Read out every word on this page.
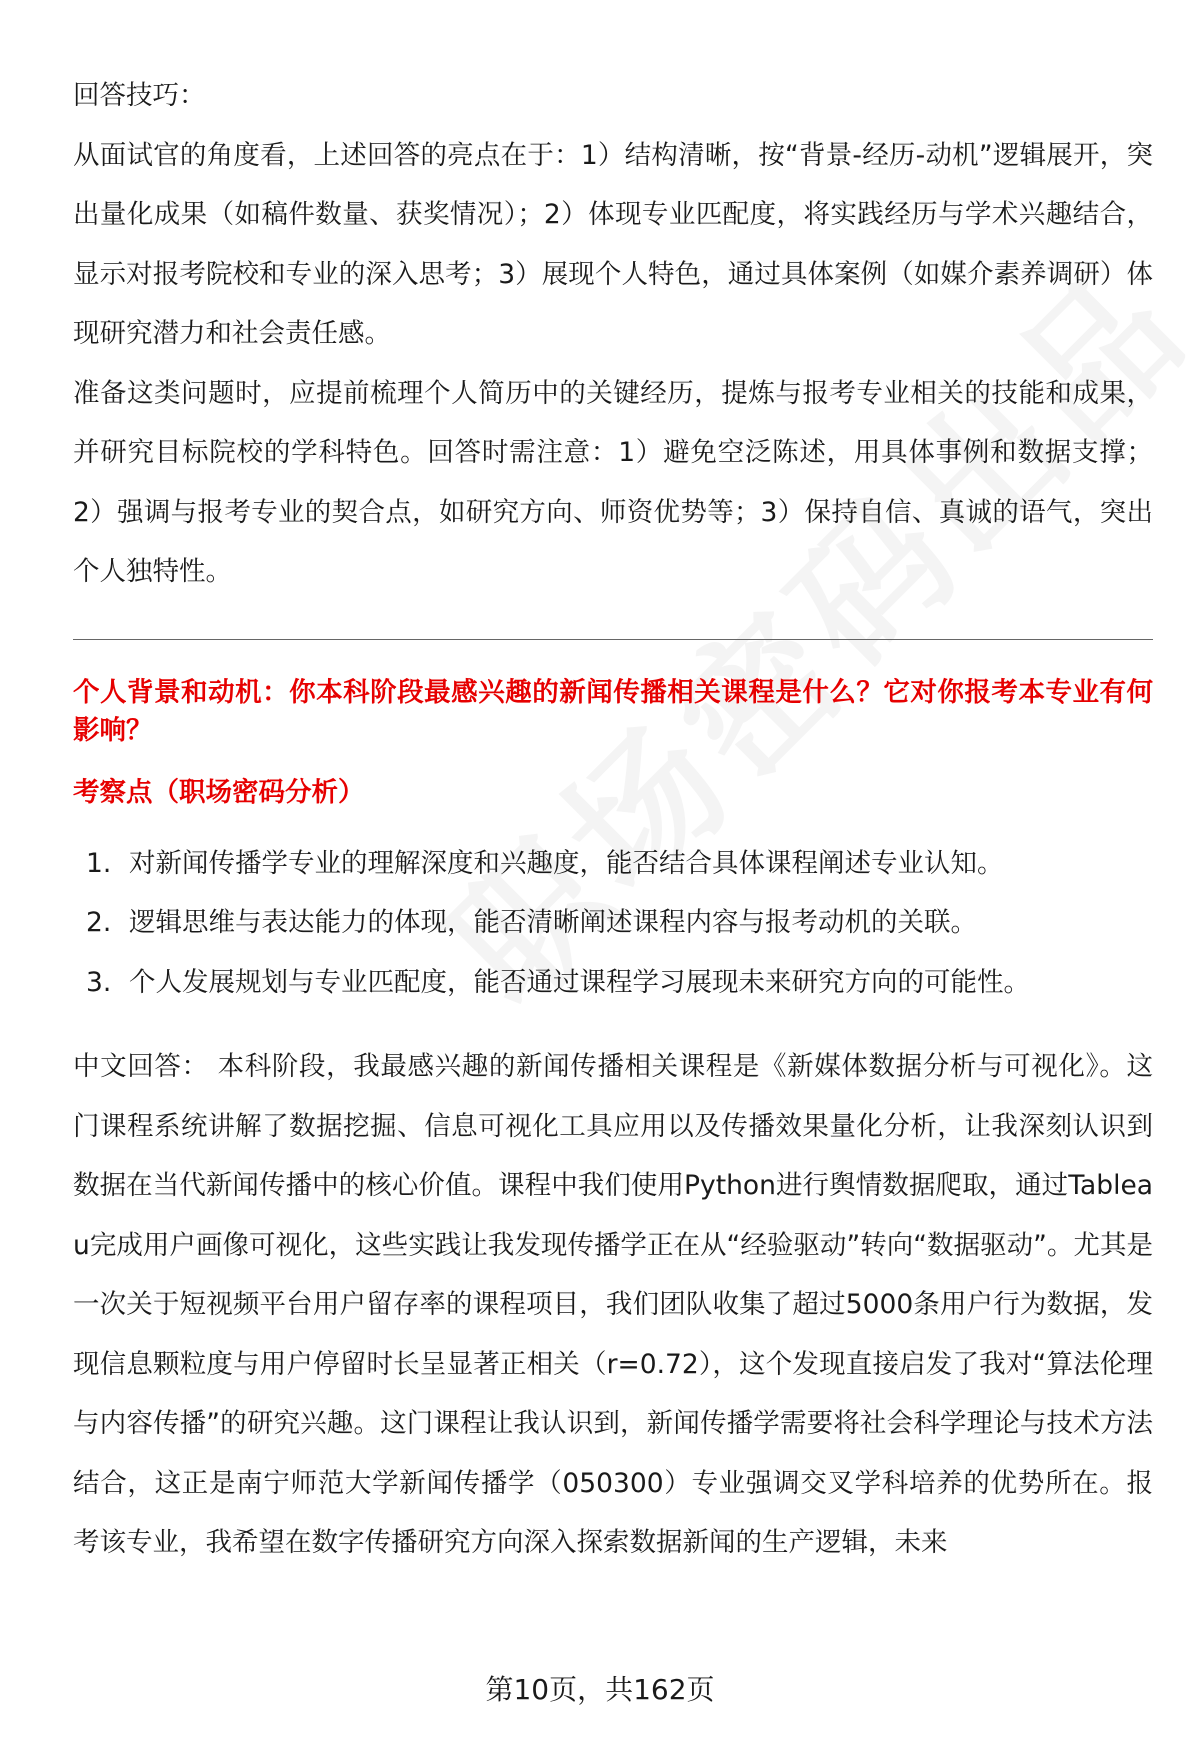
回答技巧：

从面试官的角度看，上述回答的亮点在于：1）结构清晰，按“背景-经历-动机”逻辑展开，突出量化成果（如稿件数量、获奖情况）；2）体现专业匹配度，将实践经历与学术兴趣结合，显示对报考院校和专业的深入思考；3）展现个人特色，通过具体案例（如媒介素养调研）体现研究潜力和社会责任感。

准备这类问题时，应提前梳理个人简历中的关键经历，提炼与报考专业相关的技能和成果，并研究目标院校的学科特色。回答时需注意：1）避免空泛陈述，用具体事例和数据支撑；2）强调与报考专业的契合点，如研究方向、师资优势等；3）保持自信、真诚的语气，突出个人独特性。

个人背景和动机：你本科阶段最感兴趣的新闻传播相关课程是什么？它对你报考本专业有何影响？

考察点（职场密码分析）

1. 对新闻传播学专业的理解深度和兴趣度，能否结合具体课程阐述专业认知。
2. 逻辑思维与表达能力的体现，能否清晰阐述课程内容与报考动机的关联。
3. 个人发展规划与专业匹配度，能否通过课程学习展现未来研究方向的可能性。

中文回答： 本科阶段，我最感兴趣的新闻传播相关课程是《新媒体数据分析与可视化》。这门课程系统讲解了数据挖掘、信息可视化工具应用以及传播效果量化分析，让我深刻认识到数据在当代新闻传播中的核心价值。课程中我们使用Python进行舆情数据爬取，通过Tableau完成用户画像可视化，这些实践让我发现传播学正在从“经验驱动”转向“数据驱动”。尤其是一次关于短视频平台用户留存率的课程项目，我们团队收集了超过5000条用户行为数据，发现信息颗粒度与用户停留时长呈显著正相关（r=0.72），这个发现直接启发了我对“算法伦理与内容传播”的研究兴趣。这门课程让我认识到，新闻传播学需要将社会科学理论与技术方法结合，这正是南宁师范大学新闻传播学（050300）专业强调交叉学科培养的优势所在。报考该专业，我希望在数字传播研究方向深入探索数据新闻的生产逻辑，未来

第10页，共162页
